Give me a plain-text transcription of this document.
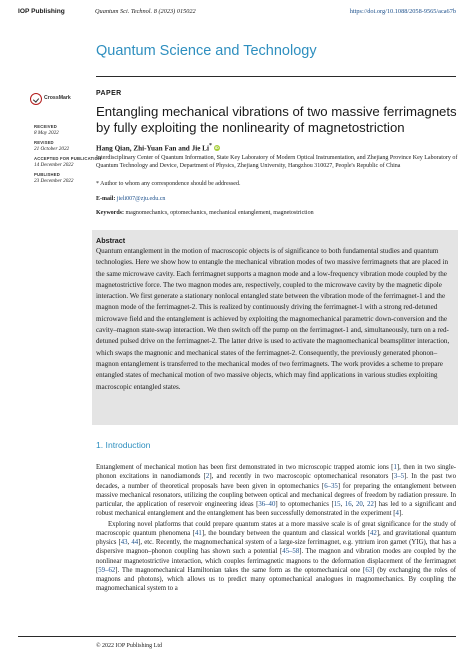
IOP Publishing	Quantum Sci. Technol. 8 (2023) 015022	https://doi.org/10.1088/2058-9565/aca67b
Quantum Science and Technology
CrossMark
RECEIVED
8 May 2022
REVISED
21 October 2022
ACCEPTED FOR PUBLICATION
14 December 2022
PUBLISHED
23 December 2022
PAPER
Entangling mechanical vibrations of two massive ferrimagnets by fully exploiting the nonlinearity of magnetostriction
Hang Qian, Zhi-Yuan Fan and Jie Li* iD
Interdisciplinary Center of Quantum Information, State Key Laboratory of Modern Optical Instrumentation, and Zhejiang Province Key Laboratory of Quantum Technology and Device, Department of Physics, Zhejiang University, Hangzhou 310027, People's Republic of China
* Author to whom any correspondence should be addressed.
E-mail: jieli007@zju.edu.cn
Keywords: magnomechanics, optomechanics, mechanical entanglement, magnetostriction
Abstract
Quantum entanglement in the motion of macroscopic objects is of significance to both fundamental studies and quantum technologies. Here we show how to entangle the mechanical vibration modes of two massive ferrimagnets that are placed in the same microwave cavity. Each ferrimagnet supports a magnon mode and a low-frequency vibration mode coupled by the magnetostrictive force. The two magnon modes are, respectively, coupled to the microwave cavity by the magnetic dipole interaction. We first generate a stationary nonlocal entangled state between the vibration mode of the ferrimagnet-1 and the magnon mode of the ferrimagnet-2. This is realized by continuously driving the ferrimagnet-1 with a strong red-detuned microwave field and the entanglement is achieved by exploiting the magnomechanical parametric down-conversion and the cavity–magnon state-swap interaction. We then switch off the pump on the ferrimagnet-1 and, simultaneously, turn on a red-detuned pulsed drive on the ferrimagnet-2. The latter drive is used to activate the magnomechanical beamsplitter interaction, which swaps the magnonic and mechanical states of the ferrimagnet-2. Consequently, the previously generated phonon–magnon entanglement is transferred to the mechanical modes of two ferrimagnets. The work provides a scheme to prepare entangled states of mechanical motion of two massive objects, which may find applications in various studies exploiting macroscopic entangled states.
1. Introduction

Entanglement of mechanical motion has been first demonstrated in two microscopic trapped atomic ions [1], then in two single-phonon excitations in nanodiamonds [2], and recently in two macroscopic optomechanical resonators [3–5]. In the past two decades, a number of theoretical proposals have been given in optomechanics [6–35] for preparing the entanglement between massive mechanical resonators, utilizing the coupling between optical and mechanical degrees of freedom by radiation pressure. In particular, the application of reservoir engineering ideas [36–40] to optomechanics [15, 16, 20, 22] has led to a significant and robust mechanical entanglement and the entanglement has been successfully demonstrated in the experiment [4].

Exploring novel platforms that could prepare quantum states at a more massive scale is of great significance for the study of macroscopic quantum phenomena [41], the boundary between the quantum and classical worlds [42], and gravitational quantum physics [43, 44], etc. Recently, the magnomechanical system of a large-size ferrimagnet, e.g. yttrium iron garnet (YIG), that has a dispersive magnon–phonon coupling has shown such a potential [45–58]. The magnon and vibration modes are coupled by the nonlinear magnetostrictive interaction, which couples ferrimagnetic magnons to the deformation displacement of the ferrimagnet [59–62]. The magnomechanical Hamiltonian takes the same form as the optomechanical one [63] (by exchanging the roles of magnons and photons), which allows us to predict many optomechanical analogues in magnomechanics. By coupling the magnomechanical system to a

© 2022 IOP Publishing Ltd
